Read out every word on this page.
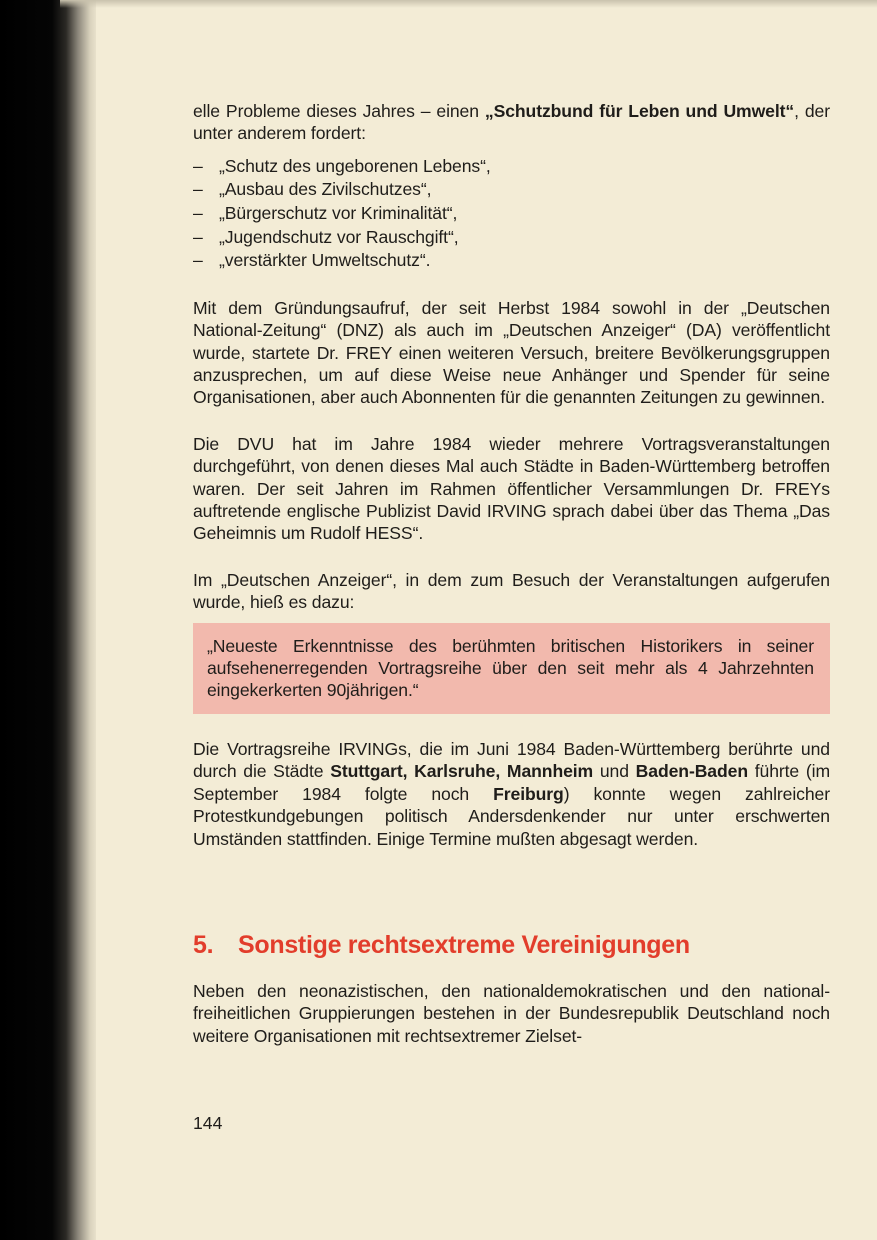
elle Probleme dieses Jahres – einen „Schutzbund für Leben und Umwelt“, der unter anderem fordert:

– „Schutz des ungeborenen Lebens“,
– „Ausbau des Zivilschutzes“,
– „Bürgerschutz vor Kriminalität“,
– „Jugendschutz vor Rauschgift“,
– „verstärkter Umweltschutz“.

Mit dem Gründungsaufruf, der seit Herbst 1984 sowohl in der „Deutschen National-Zeitung“ (DNZ) als auch im „Deutschen Anzeiger“ (DA) veröffentlicht wurde, startete Dr. FREY einen weiteren Versuch, breitere Bevölkerungsgruppen anzusprechen, um auf diese Weise neue Anhänger und Spender für seine Organisationen, aber auch Abonnenten für die genannten Zeitungen zu gewinnen.

Die DVU hat im Jahre 1984 wieder mehrere Vortragsveranstaltungen durchgeführt, von denen dieses Mal auch Städte in Baden-Württemberg betroffen waren. Der seit Jahren im Rahmen öffentlicher Versammlungen Dr. FREYs auftretende englische Publizist David IRVING sprach dabei über das Thema „Das Geheimnis um Rudolf HESS“.

Im „Deutschen Anzeiger“, in dem zum Besuch der Veranstaltungen aufgerufen wurde, hieß es dazu:

„Neueste Erkenntnisse des berühmten britischen Historikers in seiner aufsehenerregenden Vortragsreihe über den seit mehr als 4 Jahrzehnten eingekerkerten 90jährigen.“

Die Vortragsreihe IRVINGs, die im Juni 1984 Baden-Württemberg berührte und durch die Städte Stuttgart, Karlsruhe, Mannheim und Baden-Baden führte (im September 1984 folgte noch Freiburg) konnte wegen zahlreicher Protestkundgebungen politisch Andersdenkender nur unter erschwerten Umständen stattfinden. Einige Termine mußten abgesagt werden.

5. Sonstige rechtsextreme Vereinigungen

Neben den neonazistischen, den nationaldemokratischen und den national-freiheitlichen Gruppierungen bestehen in der Bundesrepublik Deutschland noch weitere Organisationen mit rechtsextremer Zielset-

144
